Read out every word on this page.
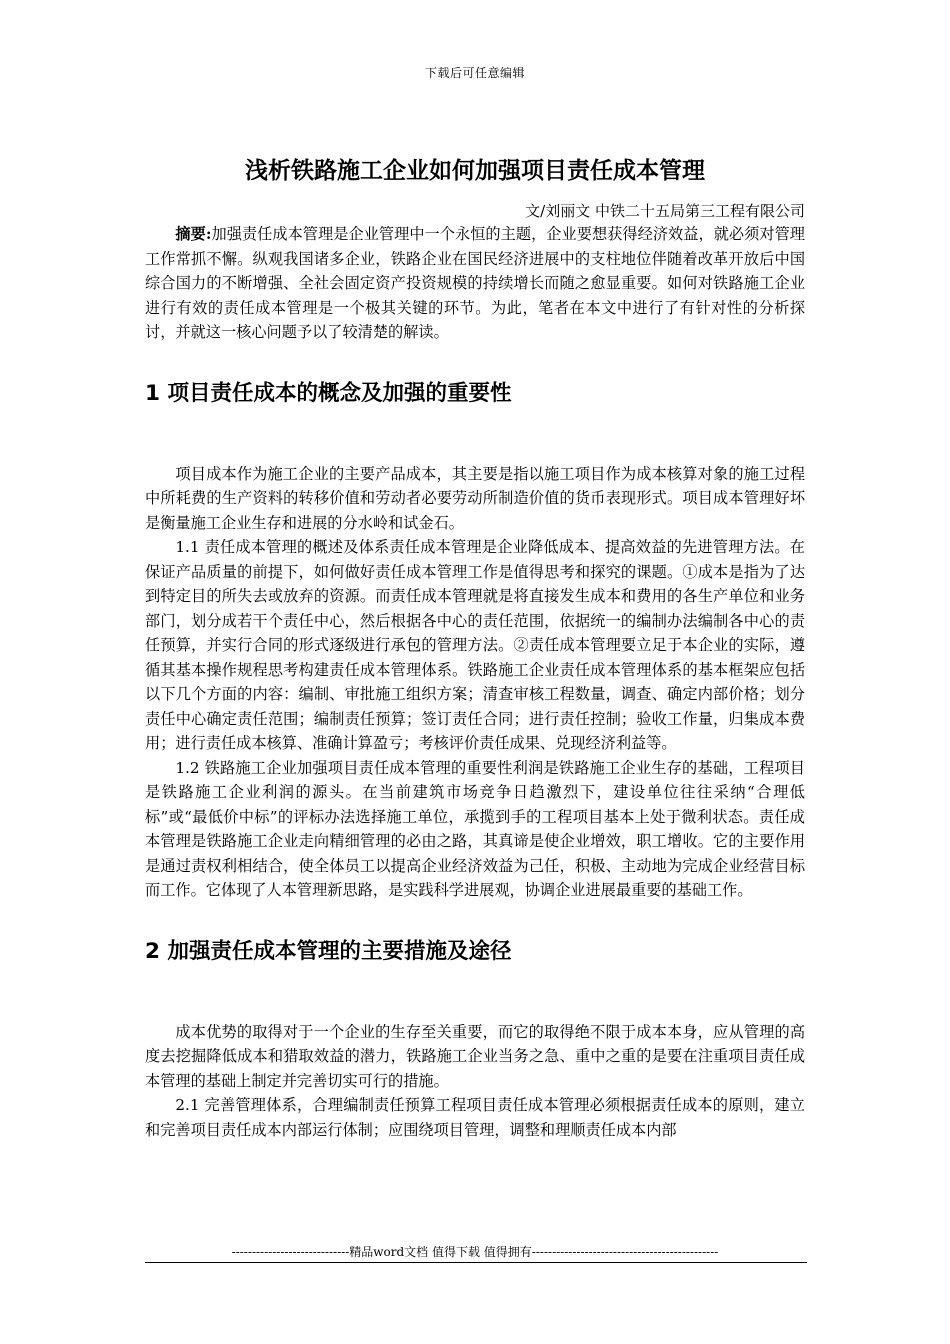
下载后可任意编辑
浅析铁路施工企业如何加强项目责任成本管理
文/刘丽文 中铁二十五局第三工程有限公司

摘要:加强责任成本管理是企业管理中一个永恒的主题，企业要想获得经济效益，就必须对管理工作常抓不懈。纵观我国诸多企业，铁路企业在国民经济进展中的支柱地位伴随着改革开放后中国综合国力的不断增强、全社会固定资产投资规模的持续增长而随之愈显重要。如何对铁路施工企业进行有效的责任成本管理是一个极其关键的环节。为此，笔者在本文中进行了有针对性的分析探讨，并就这一核心问题予以了较清楚的解读。

1 项目责任成本的概念及加强的重要性

项目成本作为施工企业的主要产品成本，其主要是指以施工项目作为成本核算对象的施工过程中所耗费的生产资料的转移价值和劳动者必要劳动所制造价值的货币表现形式。项目成本管理好坏是衡量施工企业生存和进展的分水岭和试金石。

1.1 责任成本管理的概述及体系责任成本管理是企业降低成本、提高效益的先进管理方法。在保证产品质量的前提下，如何做好责任成本管理工作是值得思考和探究的课题。①成本是指为了达到特定目的所失去或放弃的资源。而责任成本管理就是将直接发生成本和费用的各生产单位和业务部门，划分成若干个责任中心，然后根据各中心的责任范围，依据统一的编制办法编制各中心的责任预算，并实行合同的形式逐级进行承包的管理方法。②责任成本管理要立足于本企业的实际，遵循其基本操作规程思考构建责任成本管理体系。铁路施工企业责任成本管理体系的基本框架应包括以下几个方面的内容：编制、审批施工组织方案；清查审核工程数量，调查、确定内部价格；划分责任中心确定责任范围；编制责任预算；签订责任合同；进行责任控制；验收工作量，归集成本费用；进行责任成本核算、准确计算盈亏；考核评价责任成果、兑现经济利益等。

1.2 铁路施工企业加强项目责任成本管理的重要性利润是铁路施工企业生存的基础，工程项目是铁路施工企业利润的源头。在当前建筑市场竞争日趋激烈下，建设单位往往采纳“合理低标”或“最低价中标”的评标办法选择施工单位，承揽到手的工程项目基本上处于微利状态。责任成本管理是铁路施工企业走向精细管理的必由之路，其真谛是使企业增效，职工增收。它的主要作用是通过责权利相结合，使全体员工以提高企业经济效益为己任，积极、主动地为完成企业经营目标而工作。它体现了人本管理新思路，是实践科学进展观，协调企业进展最重要的基础工作。

2 加强责任成本管理的主要措施及途径

成本优势的取得对于一个企业的生存至关重要，而它的取得绝不限于成本本身，应从管理的高度去挖掘降低成本和猎取效益的潜力，铁路施工企业当务之急、重中之重的是要在注重项目责任成本管理的基础上制定并完善切实可行的措施。

2.1 完善管理体系，合理编制责任预算工程项目责任成本管理必须根据责任成本的原则，建立和完善项目责任成本内部运行体制；应围绕项目管理，调整和理顺责任成本内部

-----------------------------精品word文档 值得下载 值得拥有----------------------------------------------
